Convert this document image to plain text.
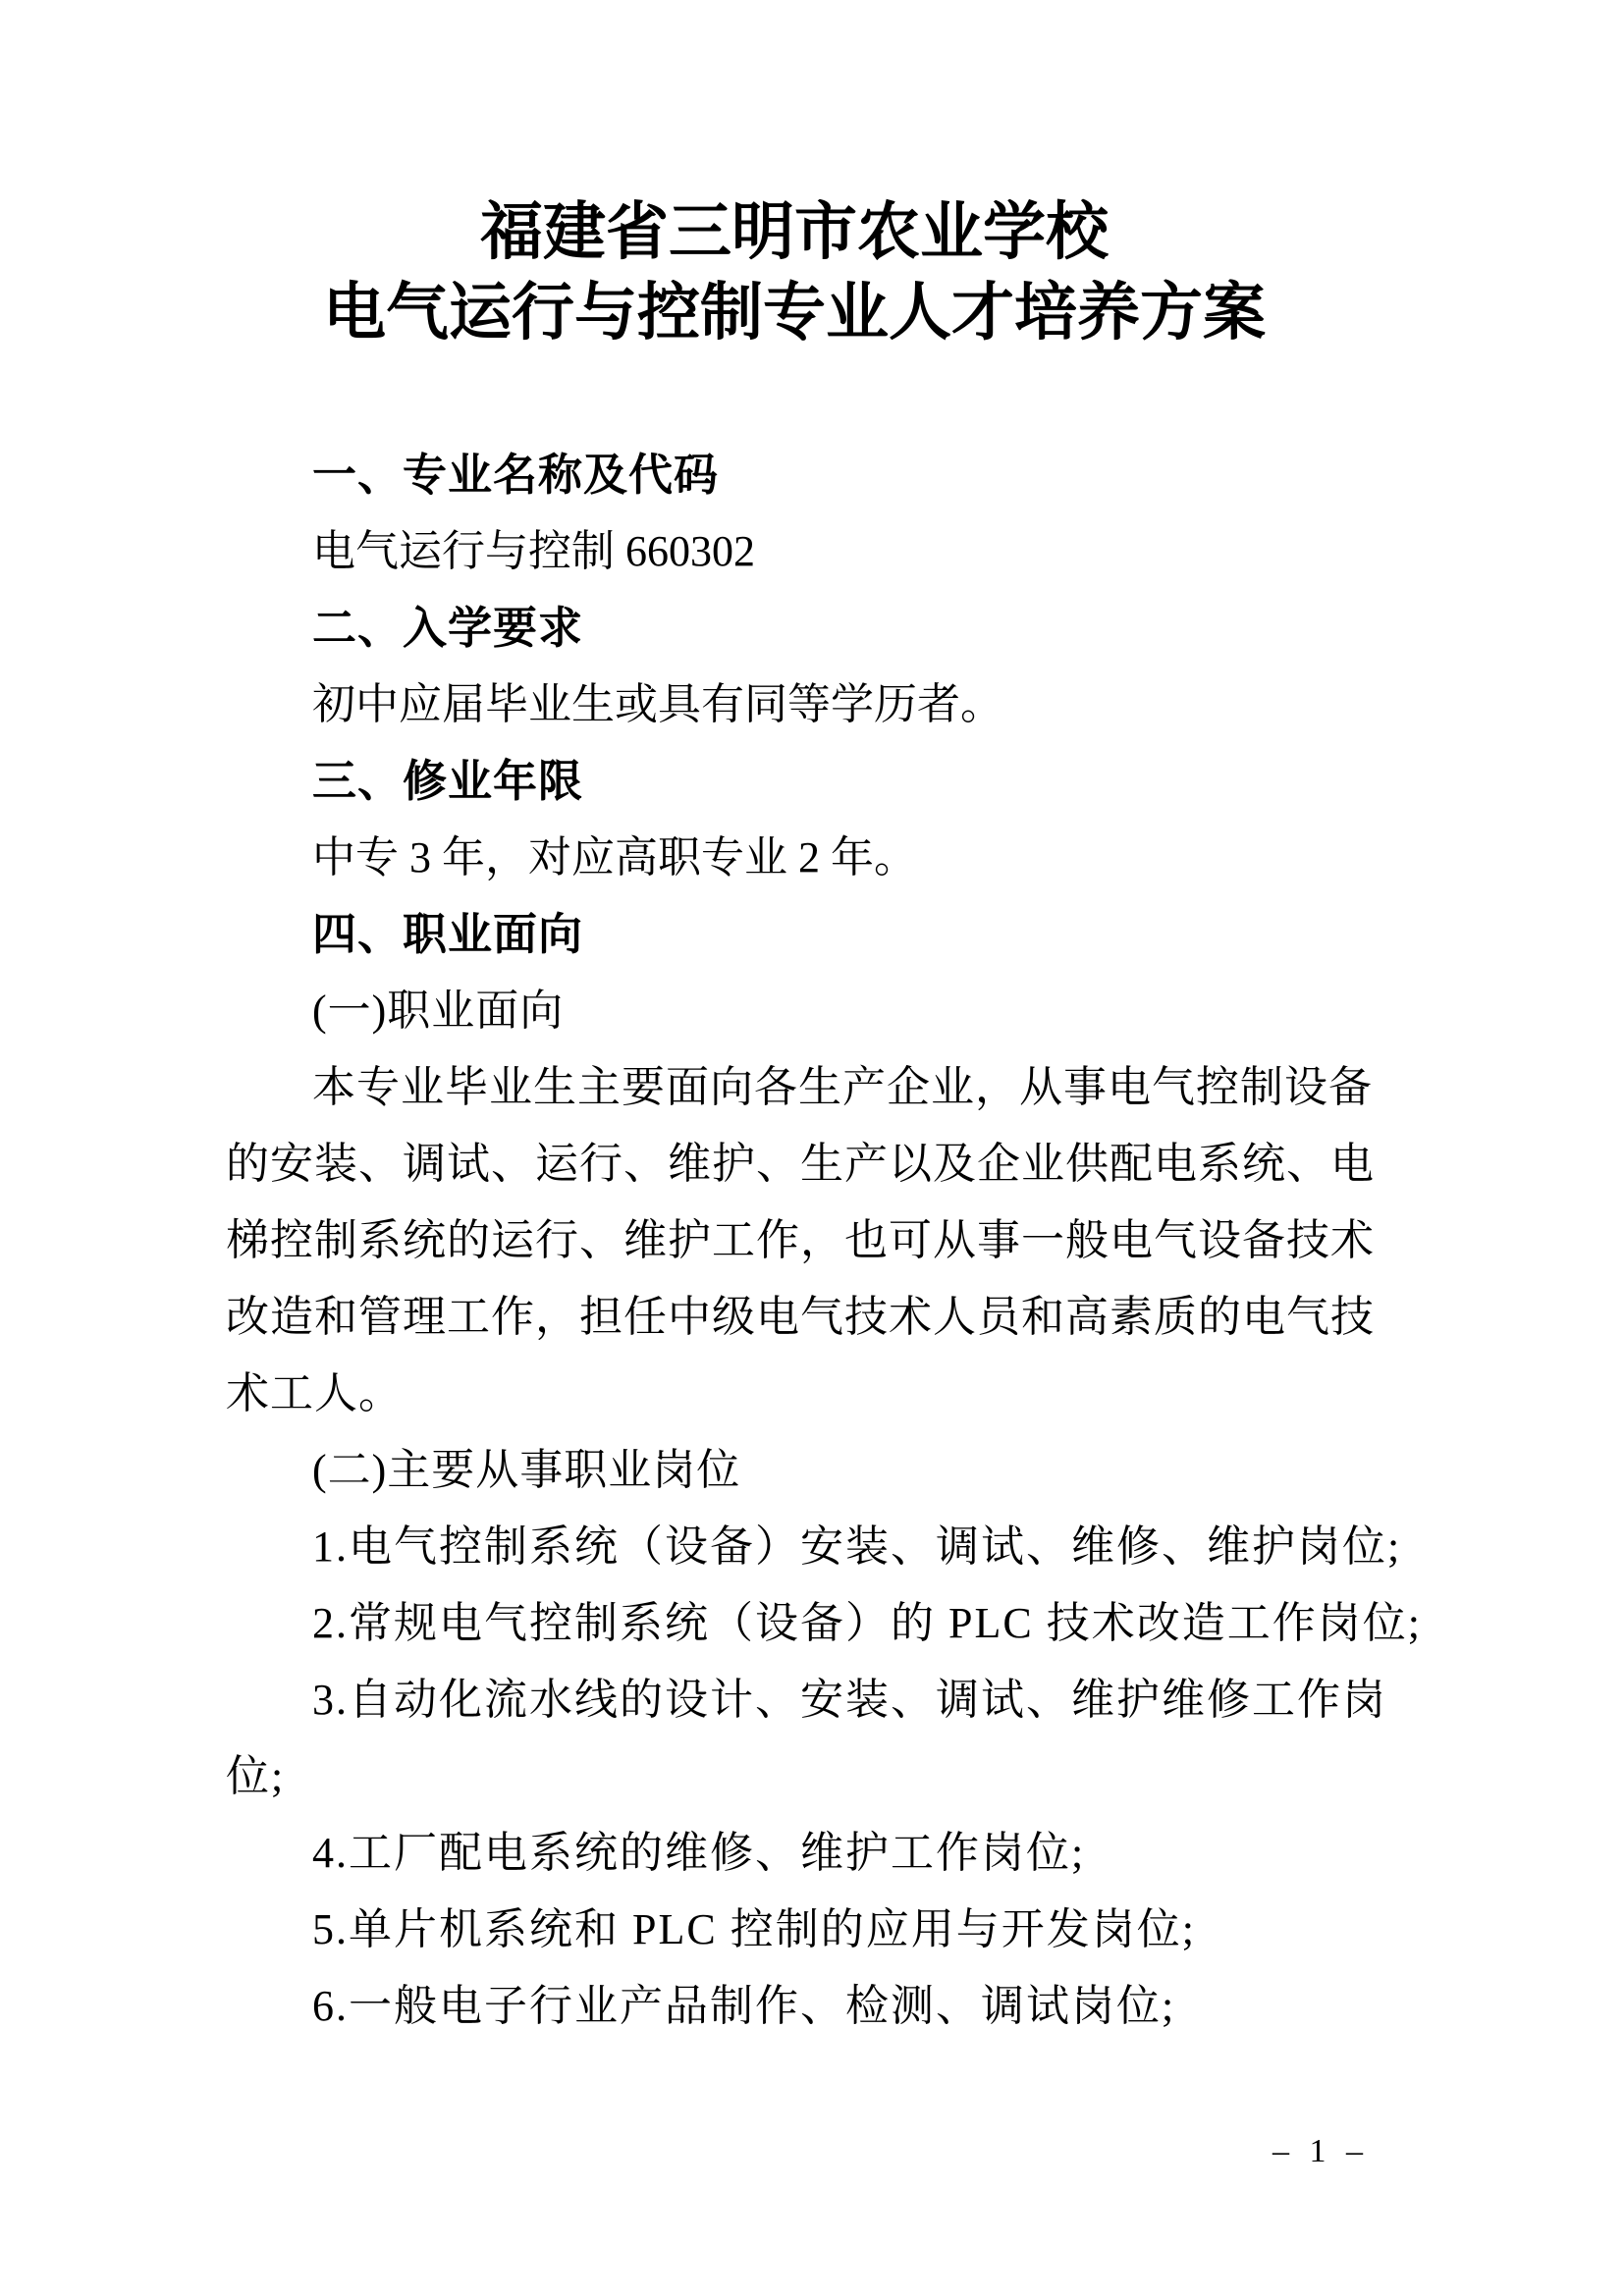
福建省三明市农业学校
电气运行与控制专业人才培养方案
一、专业名称及代码
电气运行与控制 660302
二、入学要求
初中应届毕业生或具有同等学历者。
三、修业年限
中专 3 年，对应高职专业 2 年。
四、职业面向
(一)职业面向
本专业毕业生主要面向各生产企业，从事电气控制设备
的安装、调试、运行、维护、生产以及企业供配电系统、电
梯控制系统的运行、维护工作，也可从事一般电气设备技术
改造和管理工作，担任中级电气技术人员和高素质的电气技
术工人。
(二)主要从事职业岗位
1.电气控制系统（设备）安装、调试、维修、维护岗位;
2.常规电气控制系统（设备）的 PLC 技术改造工作岗位;
3.自动化流水线的设计、安装、调试、维护维修工作岗
位;
4.工厂配电系统的维修、维护工作岗位;
5.单片机系统和 PLC 控制的应用与开发岗位;
6.一般电子行业产品制作、检测、调试岗位;
– 1 –
